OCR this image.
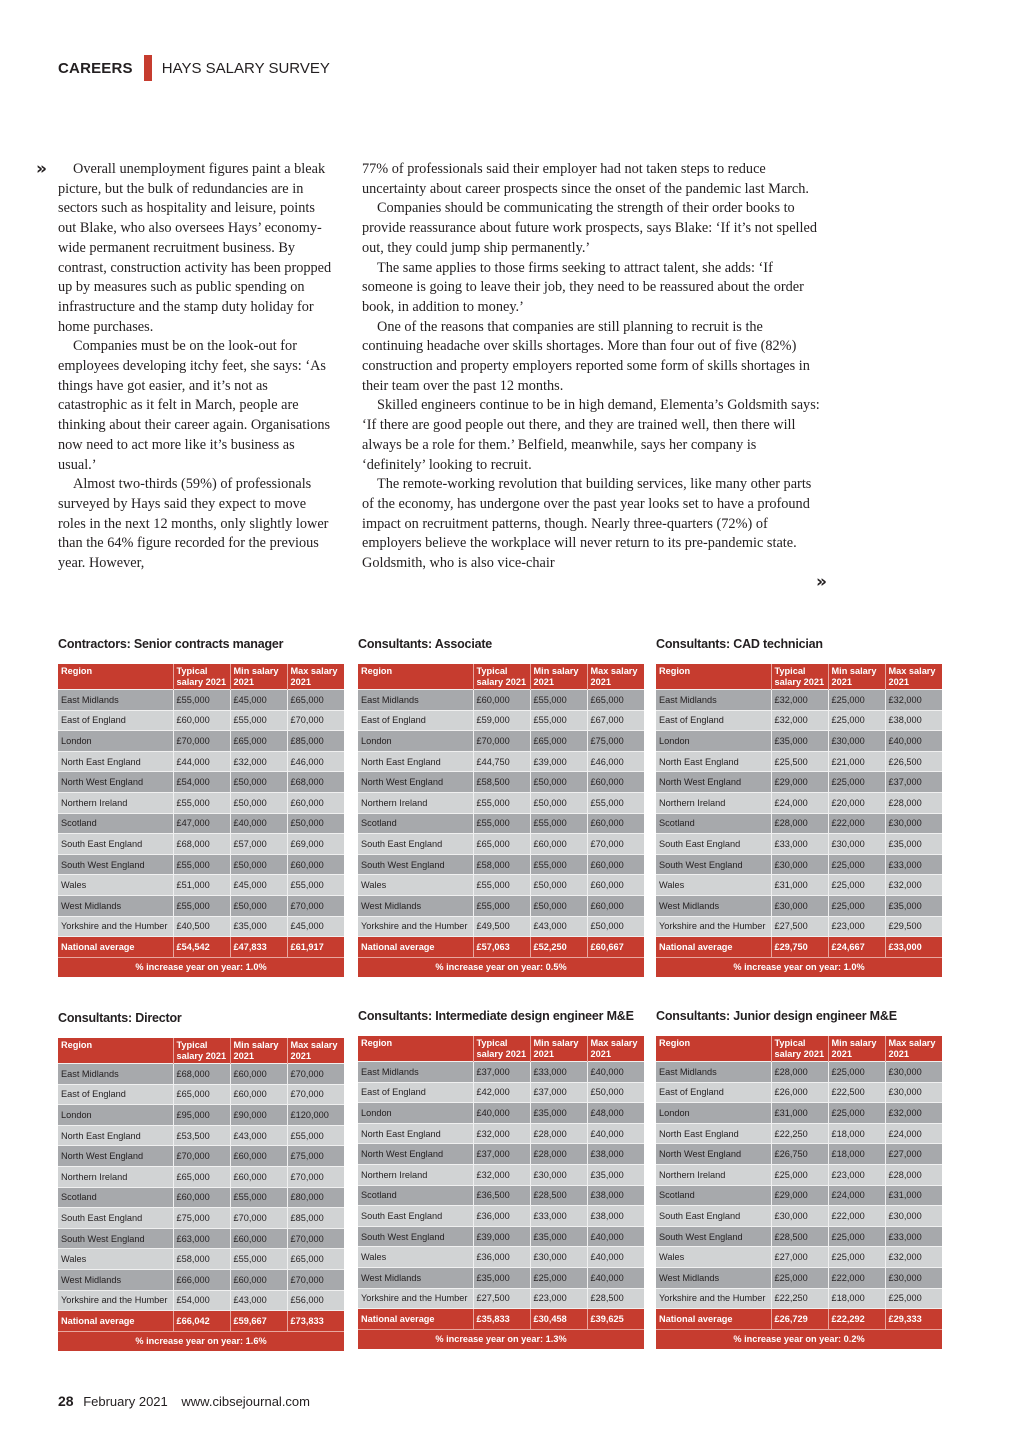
CAREERS HAYS SALARY SURVEY
»	Overall unemployment figures paint a bleak picture, but the bulk of redundancies are in sectors such as hospitality and leisure, points out Blake, who also oversees Hays’ economy-wide permanent recruitment business. By contrast, construction activity has been propped up by measures such as public spending on infrastructure and the stamp duty holiday for home purchases.

Companies must be on the look-out for employees developing itchy feet, she says: ‘As things have got easier, and it’s not as catastrophic as it felt in March, people are thinking about their career again. Organisations now need to act more like it’s business as usual.’

Almost two-thirds (59%) of professionals surveyed by Hays said they expect to move roles in the next 12 months, only slightly lower than the 64% figure recorded for the previous year. However,

77% of professionals said their employer had not taken steps to reduce uncertainty about career prospects since the onset of the pandemic last March.

Companies should be communicating the strength of their order books to provide reassurance about future work prospects, says Blake: ‘If it’s not spelled out, they could jump ship permanently.’

The same applies to those firms seeking to attract talent, she adds: ‘If someone is going to leave their job, they need to be reassured about the order book, in addition to money.’

One of the reasons that companies are still planning to recruit is the continuing headache over skills shortages. More than four out of five (82%) construction and property employers reported some form of skills shortages in their team over the past 12 months.

Skilled engineers continue to be in high demand, Elementa’s Goldsmith says: ‘If there are good people out there, and they are trained well, then there will always be a role for them.’ Belfield, meanwhile, says her company is ‘definitely’ looking to recruit.

The remote-working revolution that building services, like many other parts of the economy, has undergone over the past year looks set to have a profound impact on recruitment patterns, though. Nearly three-quarters (72%) of employers believe the workplace will never return to its pre-pandemic state. Goldsmith, who is also vice-chair

»
Contractors: Senior contracts manager
Region	Typical salary 2021	Min salary 2021	Max salary 2021
East Midlands	£55,000	£45,000	£65,000
East of England	£60,000	£55,000	£70,000
London	£70,000	£65,000	£85,000
North East England	£44,000	£32,000	£46,000
North West England	£54,000	£50,000	£68,000
Northern Ireland	£55,000	£50,000	£60,000
Scotland	£47,000	£40,000	£50,000
South East England	£68,000	£57,000	£69,000
South West England	£55,000	£50,000	£60,000
Wales	£51,000	£45,000	£55,000
West Midlands	£55,000	£50,000	£70,000
Yorkshire and the Humber	£40,500	£35,000	£45,000
National average	£54,542	£47,833	£61,917
% increase year on year: 1.0%
Consultants: Associate
Region	Typical salary 2021	Min salary 2021	Max salary 2021
East Midlands	£60,000	£55,000	£65,000
East of England	£59,000	£55,000	£67,000
London	£70,000	£65,000	£75,000
North East England	£44,750	£39,000	£46,000
North West England	£58,500	£50,000	£60,000
Northern Ireland	£55,000	£50,000	£55,000
Scotland	£55,000	£55,000	£60,000
South East England	£65,000	£60,000	£70,000
South West England	£58,000	£55,000	£60,000
Wales	£55,000	£50,000	£60,000
West Midlands	£55,000	£50,000	£60,000
Yorkshire and the Humber	£49,500	£43,000	£50,000
National average	£57,063	£52,250	£60,667
% increase year on year: 0.5%
Consultants: CAD technician
Region	Typical salary 2021	Min salary 2021	Max salary 2021
East Midlands	£32,000	£25,000	£32,000
East of England	£32,000	£25,000	£38,000
London	£35,000	£30,000	£40,000
North East England	£25,500	£21,000	£26,500
North West England	£29,000	£25,000	£37,000
Northern Ireland	£24,000	£20,000	£28,000
Scotland	£28,000	£22,000	£30,000
South East England	£33,000	£30,000	£35,000
South West England	£30,000	£25,000	£33,000
Wales	£31,000	£25,000	£32,000
West Midlands	£30,000	£25,000	£35,000
Yorkshire and the Humber	£27,500	£23,000	£29,500
National average	£29,750	£24,667	£33,000
% increase year on year: 1.0%
Consultants: Director
Region	Typical salary 2021	Min salary 2021	Max salary 2021
East Midlands	£68,000	£60,000	£70,000
East of England	£65,000	£60,000	£70,000
London	£95,000	£90,000	£120,000
North East England	£53,500	£43,000	£55,000
North West England	£70,000	£60,000	£75,000
Northern Ireland	£65,000	£60,000	£70,000
Scotland	£60,000	£55,000	£80,000
South East England	£75,000	£70,000	£85,000
South West England	£63,000	£60,000	£70,000
Wales	£58,000	£55,000	£65,000
West Midlands	£66,000	£60,000	£70,000
Yorkshire and the Humber	£54,000	£43,000	£56,000
National average	£66,042	£59,667	£73,833
% increase year on year: 1.6%
Consultants: Intermediate design engineer M&E
Region	Typical salary 2021	Min salary 2021	Max salary 2021
East Midlands	£37,000	£33,000	£40,000
East of England	£42,000	£37,000	£50,000
London	£40,000	£35,000	£48,000
North East England	£32,000	£28,000	£40,000
North West England	£37,000	£28,000	£38,000
Northern Ireland	£32,000	£30,000	£35,000
Scotland	£36,500	£28,500	£38,000
South East England	£36,000	£33,000	£38,000
South West England	£39,000	£35,000	£40,000
Wales	£36,000	£30,000	£40,000
West Midlands	£35,000	£25,000	£40,000
Yorkshire and the Humber	£27,500	£23,000	£28,500
National average	£35,833	£30,458	£39,625
% increase year on year: 1.3%
Consultants: Junior design engineer M&E
Region	Typical salary 2021	Min salary 2021	Max salary 2021
East Midlands	£28,000	£25,000	£30,000
East of England	£26,000	£22,500	£30,000
London	£31,000	£25,000	£32,000
North East England	£22,250	£18,000	£24,000
North West England	£26,750	£18,000	£27,000
Northern Ireland	£25,000	£23,000	£28,000
Scotland	£29,000	£24,000	£31,000
South East England	£30,000	£22,000	£30,000
South West England	£28,500	£25,000	£33,000
Wales	£27,000	£25,000	£32,000
West Midlands	£25,000	£22,000	£30,000
Yorkshire and the Humber	£22,250	£18,000	£25,000
National average	£26,729	£22,292	£29,333
% increase year on year: 0.2%
28 February 2021 www.cibsejournal.com
